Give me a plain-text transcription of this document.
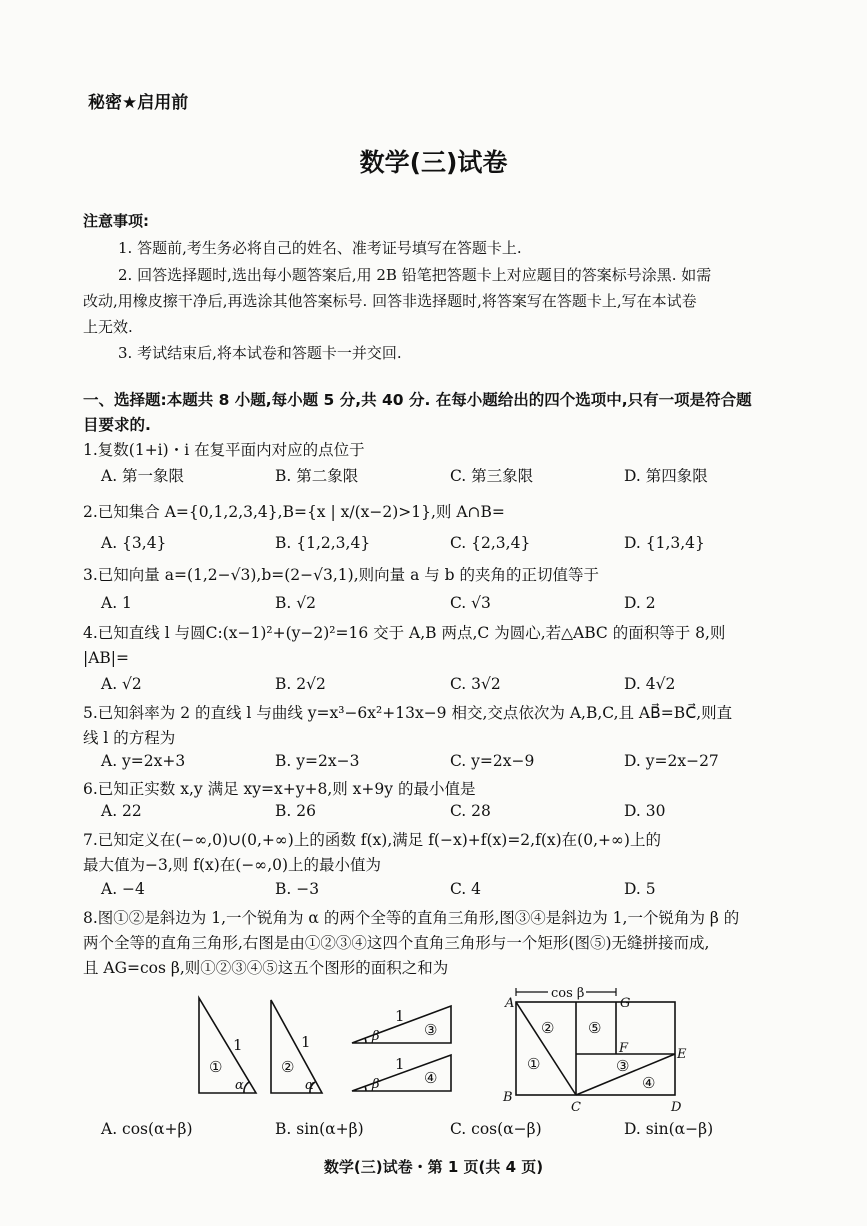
秘密★启用前
数学(三)试卷
注意事项:
1. 答题前,考生务必将自己的姓名、准考证号填写在答题卡上.
2. 回答选择题时,选出每小题答案后,用 2B 铅笔把答题卡上对应题目的答案标号涂黑. 如需
改动,用橡皮擦干净后,再选涂其他答案标号. 回答非选择题时,将答案写在答题卡上,写在本试卷
上无效.
3. 考试结束后,将本试卷和答题卡一并交回.
一、选择题:本题共 8 小题,每小题 5 分,共 40 分. 在每小题给出的四个选项中,只有一项是符合题
目要求的.
1.复数(1+i)・i 在复平面内对应的点位于
A. 第一象限	B. 第二象限	C. 第三象限	D. 第四象限
2.已知集合 A={0,1,2,3,4},B={x | x/(x−2)>1},则 A∩B=
A. {3,4}	B. {1,2,3,4}	C. {2,3,4}	D. {1,3,4}
3.已知向量 a=(1,2−√3),b=(2−√3,1),则向量 a 与 b 的夹角的正切值等于
A. 1	B. √2	C. √3	D. 2
4.已知直线 l 与圆C:(x−1)²+(y−2)²=16 交于 A,B 两点,C 为圆心,若△ABC 的面积等于 8,则
|AB|=
A. √2	B. 2√2	C. 3√2	D. 4√2
5.已知斜率为 2 的直线 l 与曲线 y=x³−6x²+13x−9 相交,交点依次为 A,B,C,且 AB⃗=BC⃗,则直
线 l 的方程为
A. y=2x+3	B. y=2x−3	C. y=2x−9	D. y=2x−27
6.已知正实数 x,y 满足 xy=x+y+8,则 x+9y 的最小值是
A. 22	B. 26	C. 28	D. 30
7.已知定义在(−∞,0)∪(0,+∞)上的函数 f(x),满足 f(−x)+f(x)=2,f(x)在(0,+∞)上的
最大值为−3,则 f(x)在(−∞,0)上的最小值为
A. −4	B. −3	C. 4	D. 5
8.图①②是斜边为 1,一个锐角为 α 的两个全等的直角三角形,图③④是斜边为 1,一个锐角为 β 的
两个全等的直角三角形,右图是由①②③④这四个直角三角形与一个矩形(图⑤)无缝拼接而成,
且 AG=cos β,则①②③④⑤这五个图形的面积之和为
①
1
α
②
1
α
1
β	③
1
β	④
cos β
A	G
F	E
B
C	D
②
①
⑤
③
④
A. cos(α+β)	B. sin(α+β)	C. cos(α−β)	D. sin(α−β)
数学(三)试卷・第 1 页(共 4 页)
